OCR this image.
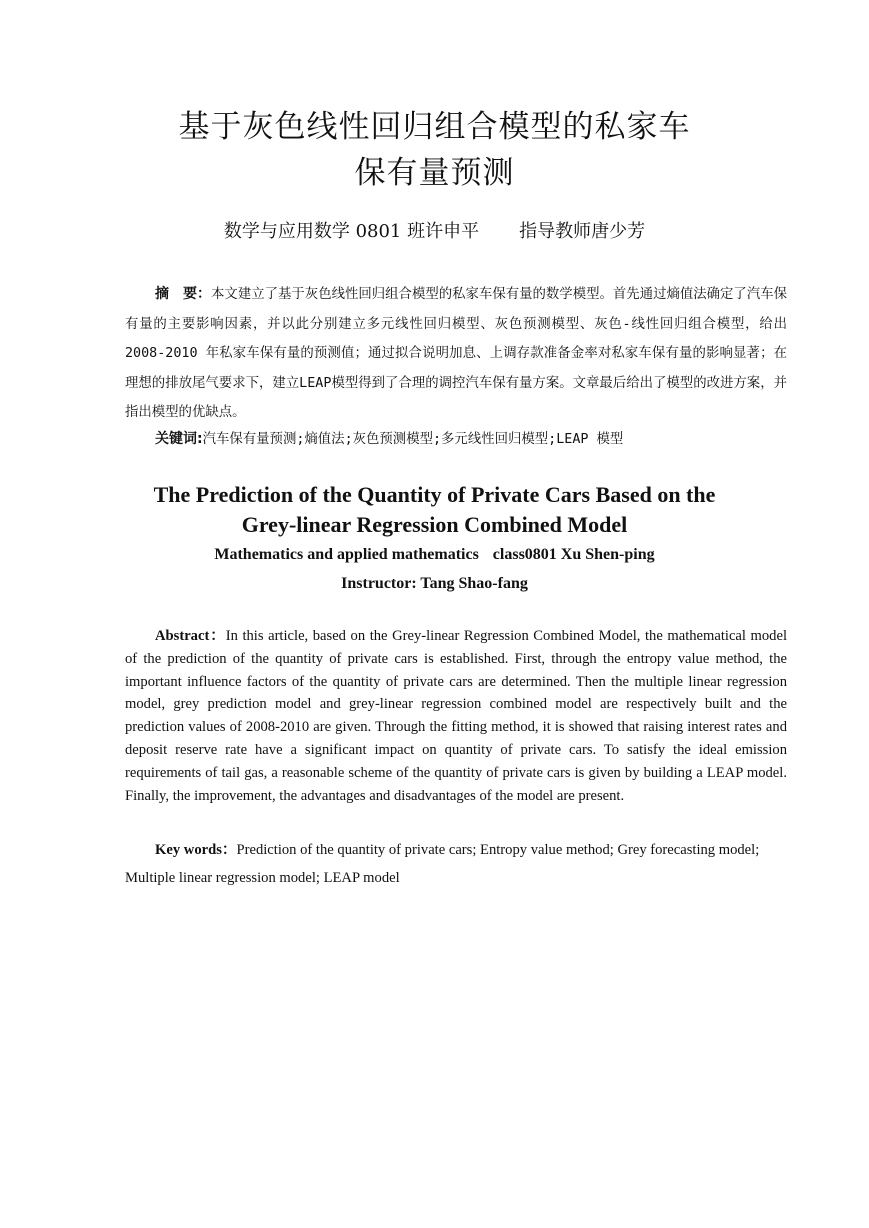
基于灰色线性回归组合模型的私家车
保有量预测
数学与应用数学 0801 班许申平 指导教师唐少芳

摘　要：本文建立了基于灰色线性回归组合模型的私家车保有量的数学模型。首先通过熵值法确定了汽车保有量的主要影响因素，并以此分别建立多元线性回归模型、灰色预测模型、灰色-线性回归组合模型，给出 2008-2010 年私家车保有量的预测值；通过拟合说明加息、上调存款准备金率对私家车保有量的影响显著；在理想的排放尾气要求下，建立LEAP模型得到了合理的调控汽车保有量方案。文章最后给出了模型的改进方案，并指出模型的优缺点。

关键词:汽车保有量预测;熵值法;灰色预测模型;多元线性回归模型;LEAP 模型

The Prediction of the Quantity of Private Cars Based on the
Grey-linear Regression Combined Model
Mathematics and applied mathematics class0801 Xu Shen-ping
Instructor: Tang Shao-fang

Abstract：In this article, based on the Grey-linear Regression Combined Model, the mathematical model of the prediction of the quantity of private cars is established. First, through the entropy value method, the important influence factors of the quantity of private cars are determined. Then the multiple linear regression model, grey prediction model and grey-linear regression combined model are respectively built and the prediction values of 2008-2010 are given. Through the fitting method, it is showed that raising interest rates and deposit reserve rate have a significant impact on quantity of private cars. To satisfy the ideal emission requirements of tail gas, a reasonable scheme of the quantity of private cars is given by building a LEAP model. Finally, the improvement, the advantages and disadvantages of the model are present.

Key words：Prediction of the quantity of private cars; Entropy value method; Grey forecasting model; Multiple linear regression model; LEAP model
